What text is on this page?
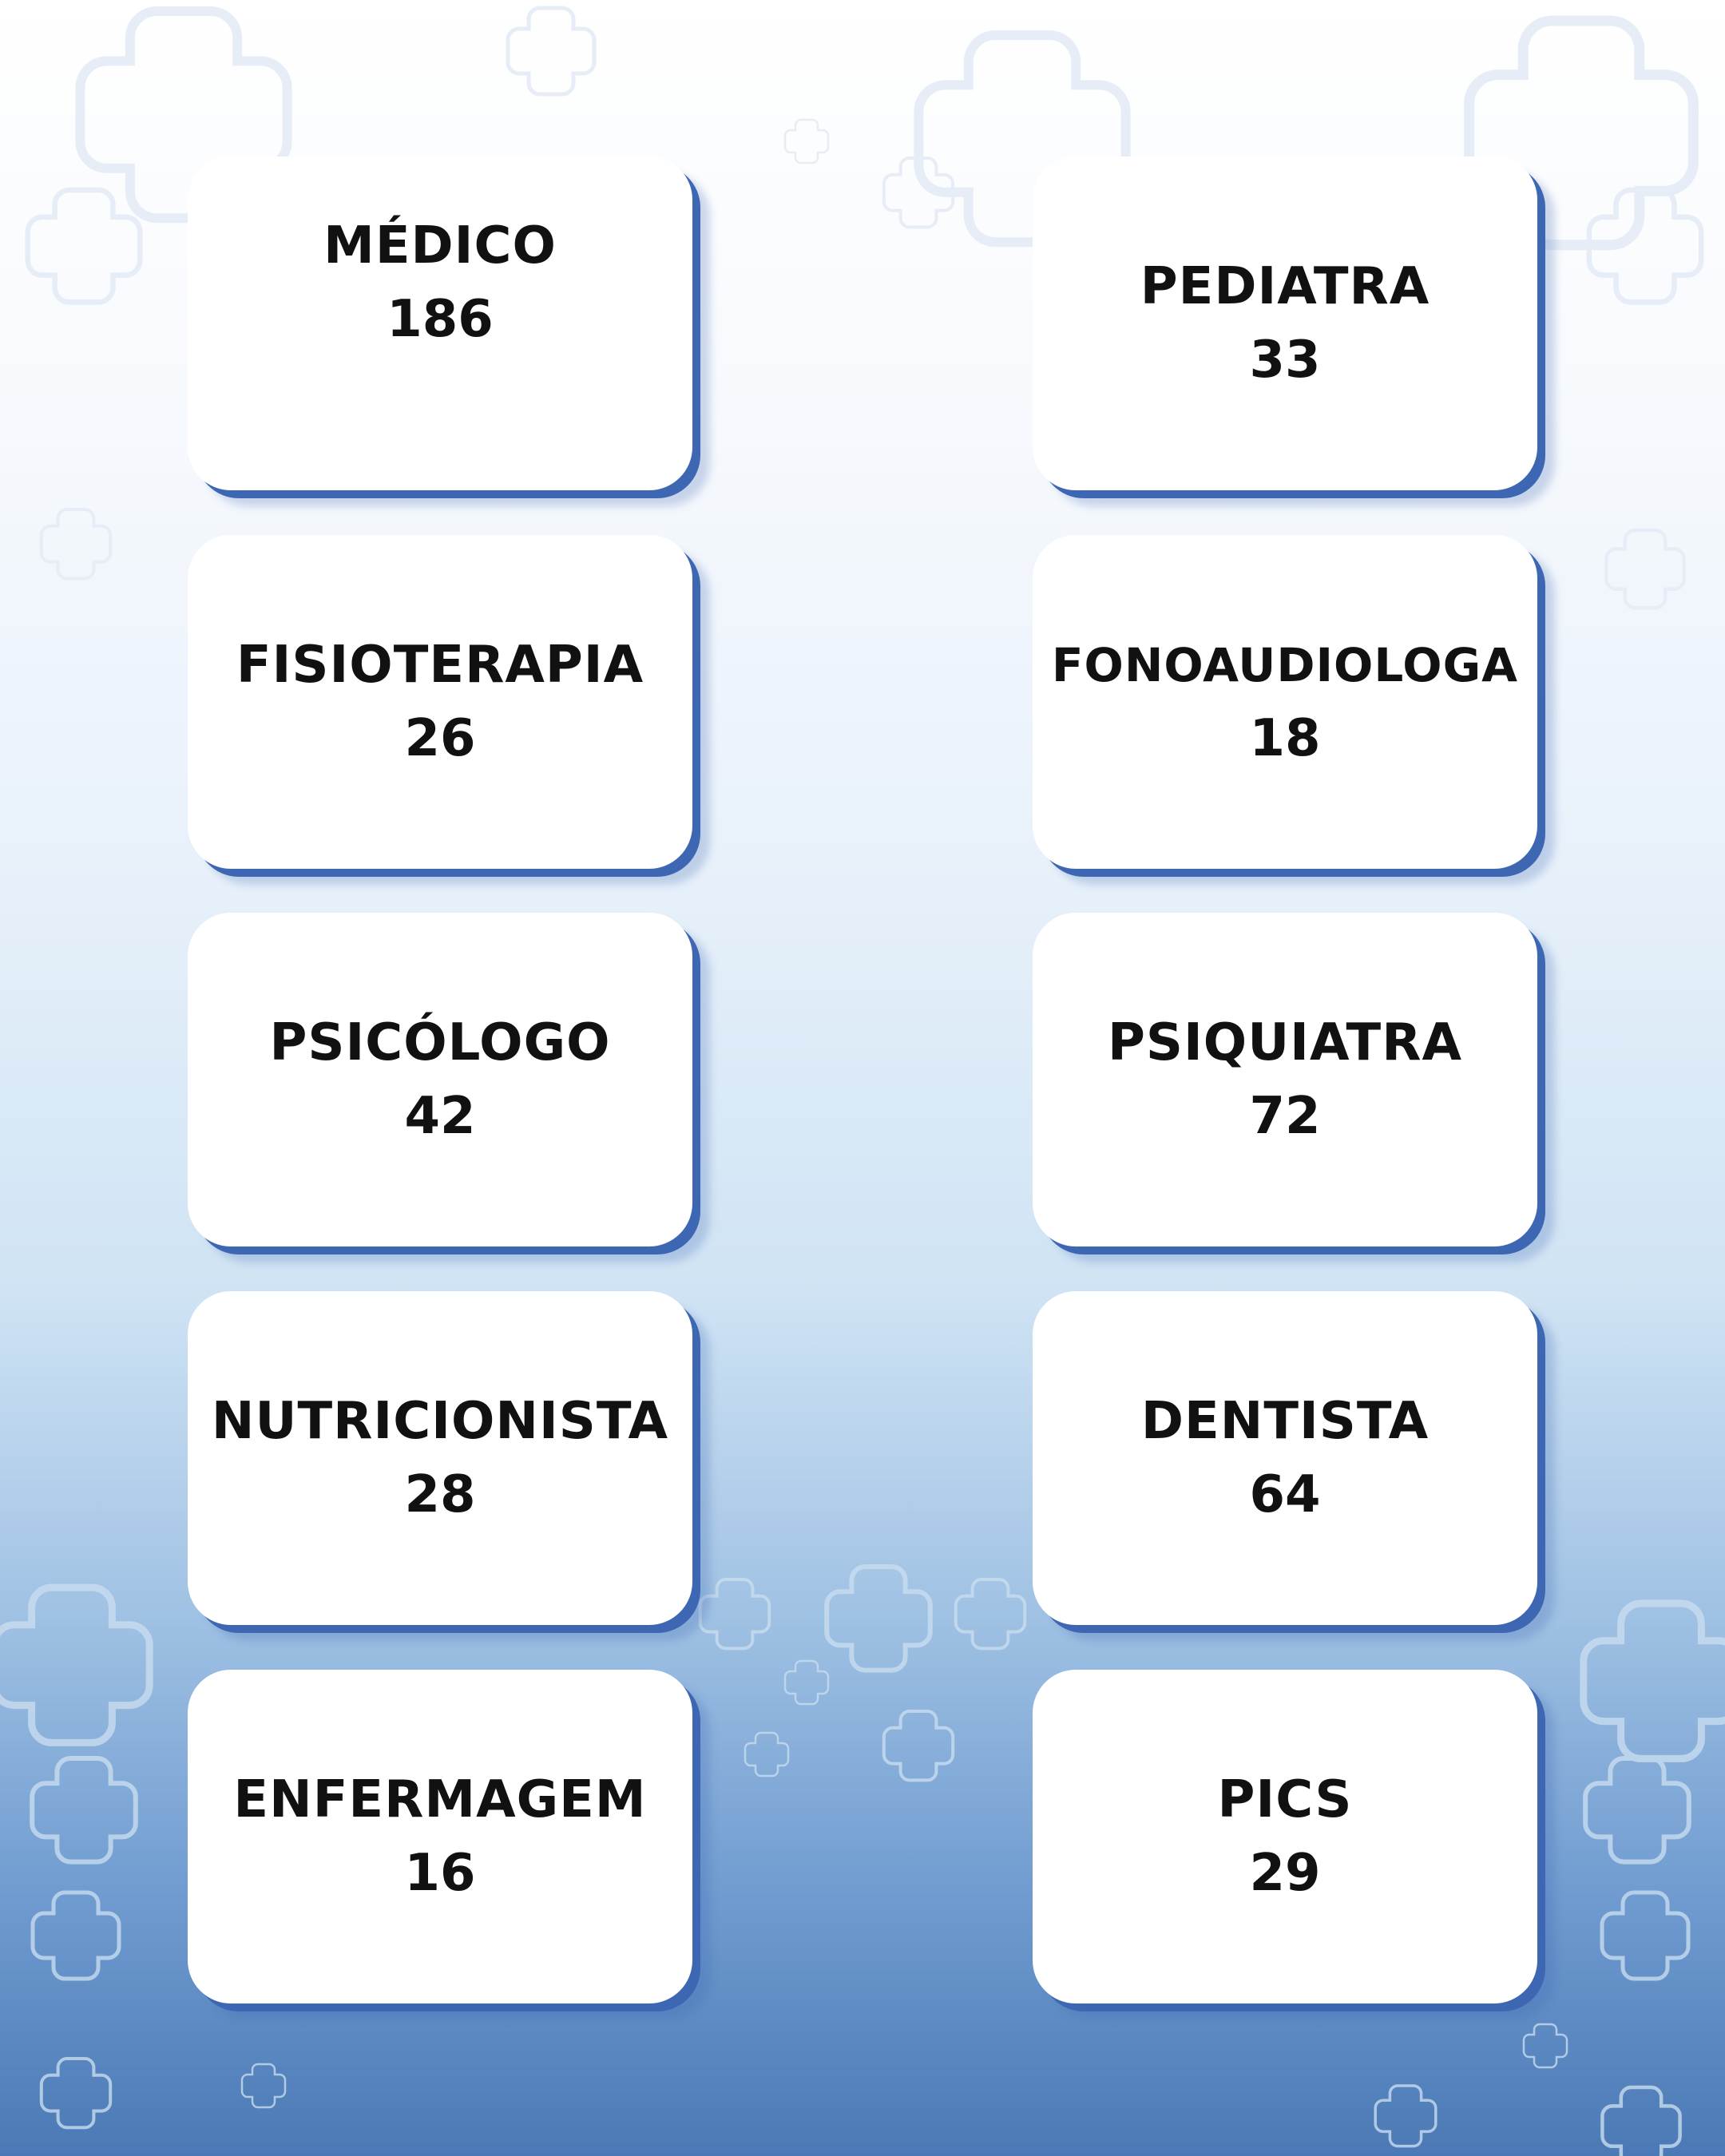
MÉDICO
186
PEDIATRA
33
FISIOTERAPIA
26
FONOAUDIOLOGA
18
PSICÓLOGO
42
PSIQUIATRA
72
NUTRICIONISTA
28
DENTISTA
64
ENFERMAGEM
16
PICS
29
